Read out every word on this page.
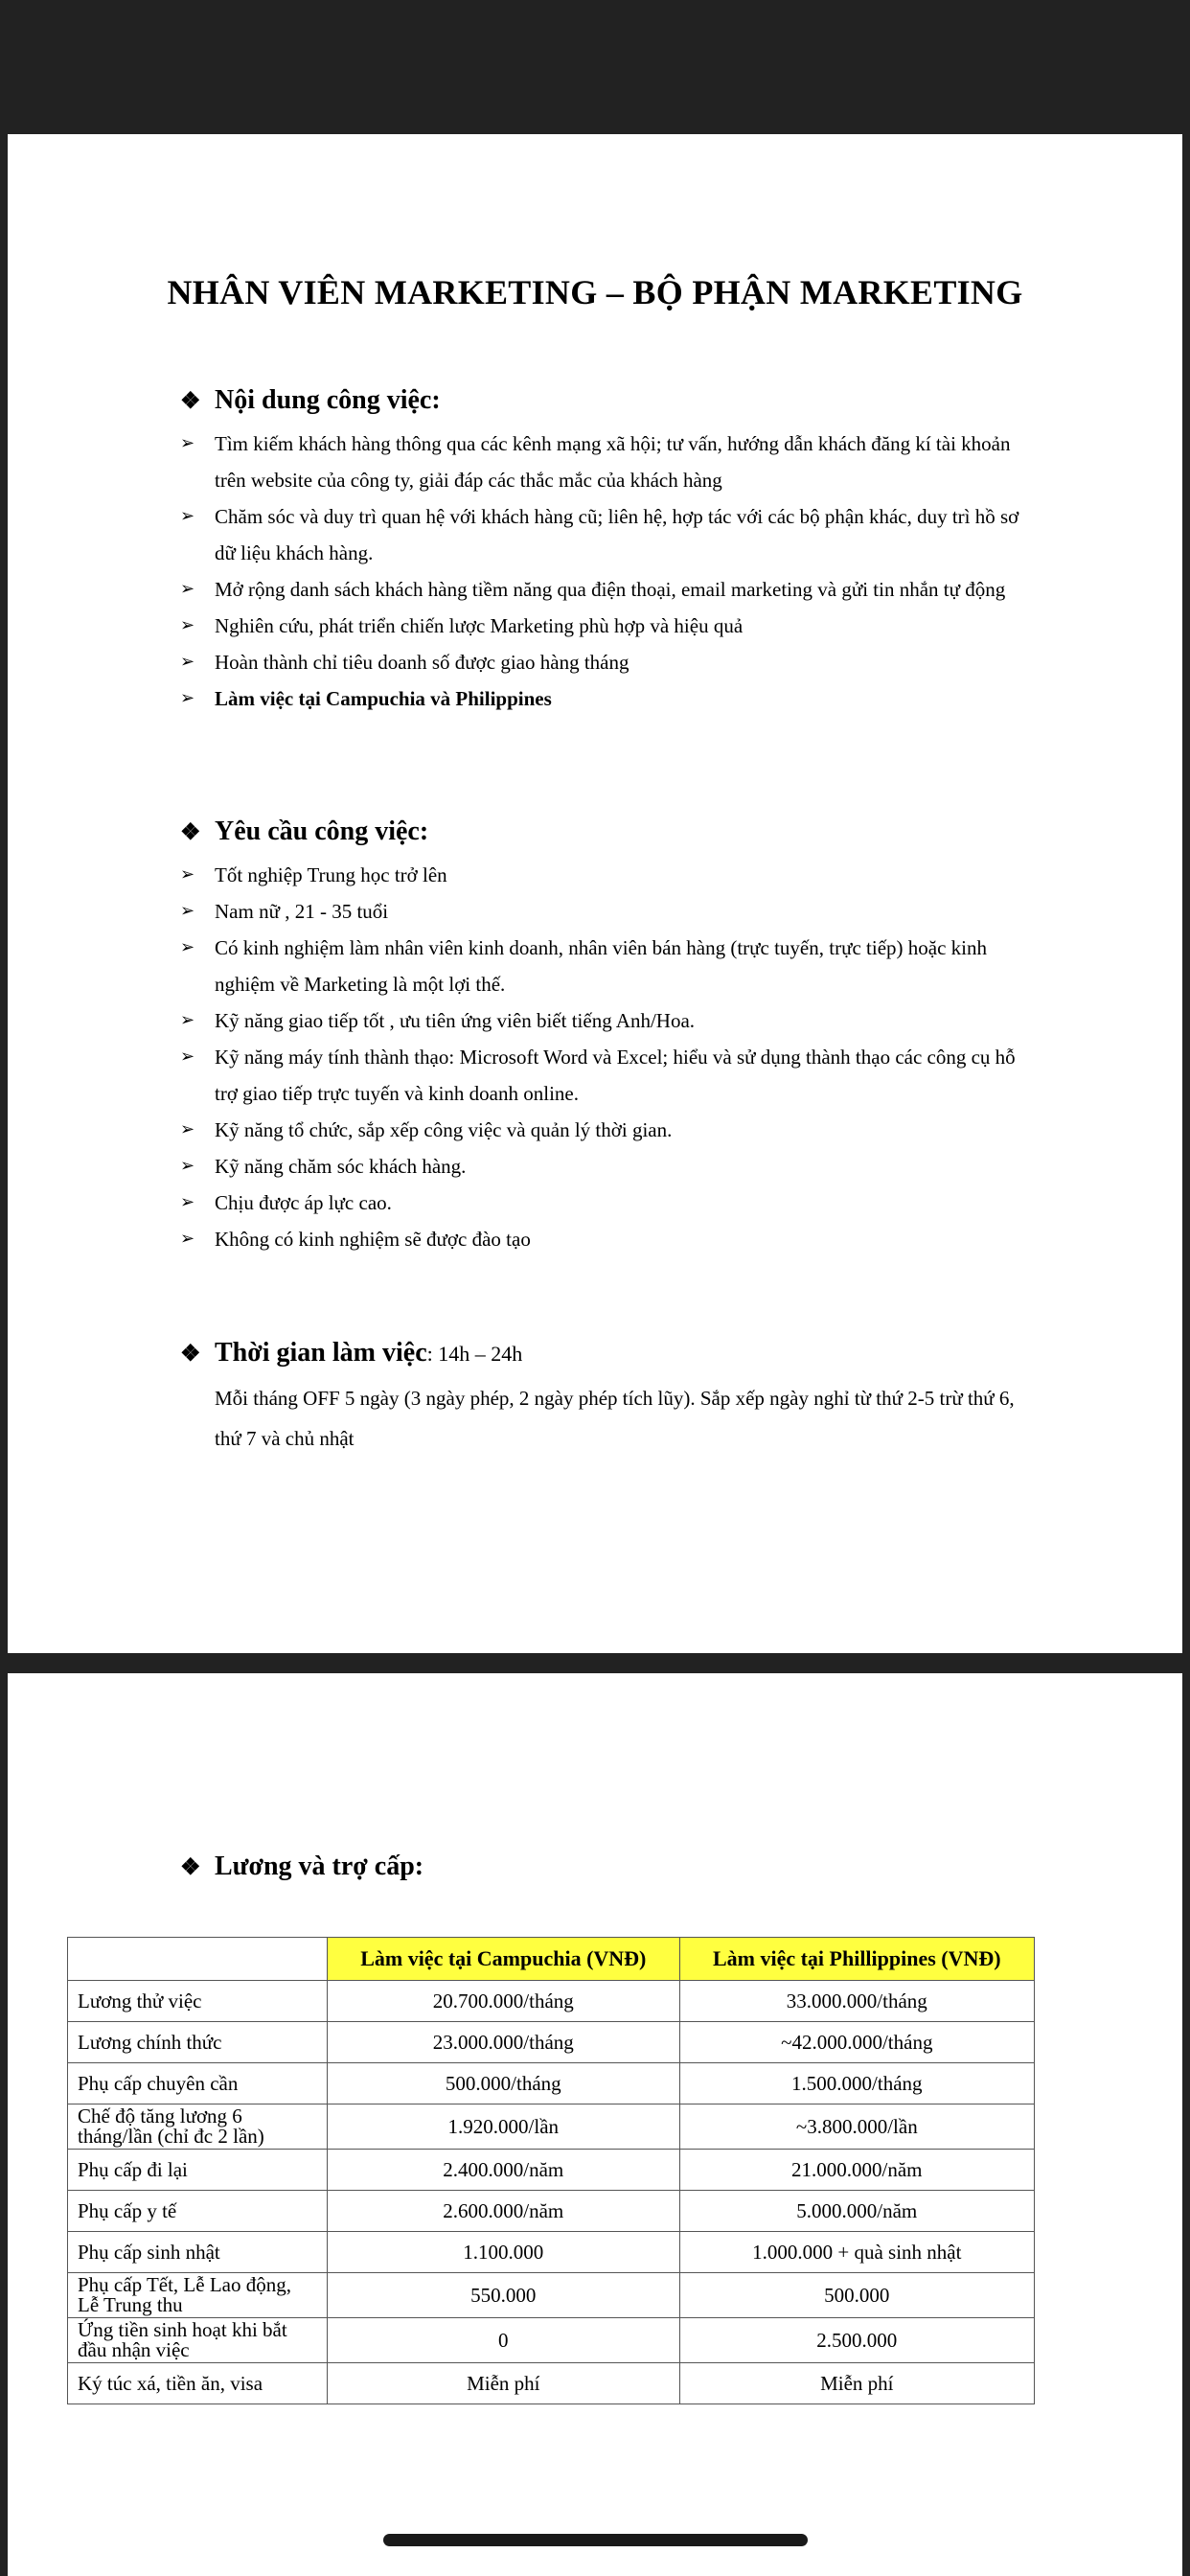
NHÂN VIÊN MARKETING – BỘ PHẬN MARKETING
❖ Nội dung công việc:
➢ Tìm kiếm khách hàng thông qua các kênh mạng xã hội; tư vấn, hướng dẫn khách đăng kí tài khoản trên website của công ty, giải đáp các thắc mắc của khách hàng
➢ Chăm sóc và duy trì quan hệ với khách hàng cũ; liên hệ, hợp tác với các bộ phận khác, duy trì hồ sơ dữ liệu khách hàng.
➢ Mở rộng danh sách khách hàng tiềm năng qua điện thoại, email marketing và gửi tin nhắn tự động
➢ Nghiên cứu, phát triển chiến lược Marketing phù hợp và hiệu quả
➢ Hoàn thành chỉ tiêu doanh số được giao hàng tháng
➢ Làm việc tại Campuchia và Philippines
❖ Yêu cầu công việc:
➢ Tốt nghiệp Trung học trở lên
➢ Nam nữ , 21 - 35 tuổi
➢ Có kinh nghiệm làm nhân viên kinh doanh, nhân viên bán hàng (trực tuyến, trực tiếp) hoặc kinh nghiệm về Marketing là một lợi thế.
➢ Kỹ năng giao tiếp tốt , ưu tiên ứng viên biết tiếng Anh/Hoa.
➢ Kỹ năng máy tính thành thạo: Microsoft Word và Excel; hiểu và sử dụng thành thạo các công cụ hỗ trợ giao tiếp trực tuyến và kinh doanh online.
➢ Kỹ năng tổ chức, sắp xếp công việc và quản lý thời gian.
➢ Kỹ năng chăm sóc khách hàng.
➢ Chịu được áp lực cao.
➢ Không có kinh nghiệm sẽ được đào tạo
❖ Thời gian làm việc : 14h – 24h
Mỗi tháng OFF 5 ngày (3 ngày phép, 2 ngày phép tích lũy). Sắp xếp ngày nghỉ từ thứ 2-5 trừ thứ 6, thứ 7 và chủ nhật
❖ Lương và trợ cấp:
	Làm việc tại Campuchia (VNĐ)	Làm việc tại Phillippines (VNĐ)
Lương thử việc	20.700.000/tháng	33.000.000/tháng
Lương chính thức	23.000.000/tháng	~42.000.000/tháng
Phụ cấp chuyên cần	500.000/tháng	1.500.000/tháng
Chế độ tăng lương 6 tháng/lần (chỉ đc 2 lần)	1.920.000/lần	~3.800.000/lần
Phụ cấp đi lại	2.400.000/năm	21.000.000/năm
Phụ cấp y tế	2.600.000/năm	5.000.000/năm
Phụ cấp sinh nhật	1.100.000	1.000.000 + quà sinh nhật
Phụ cấp Tết, Lễ Lao động, Lễ Trung thu	550.000	500.000
Ứng tiền sinh hoạt khi bắt đầu nhận việc	0	2.500.000
Ký túc xá, tiền ăn, visa	Miễn phí	Miễn phí
